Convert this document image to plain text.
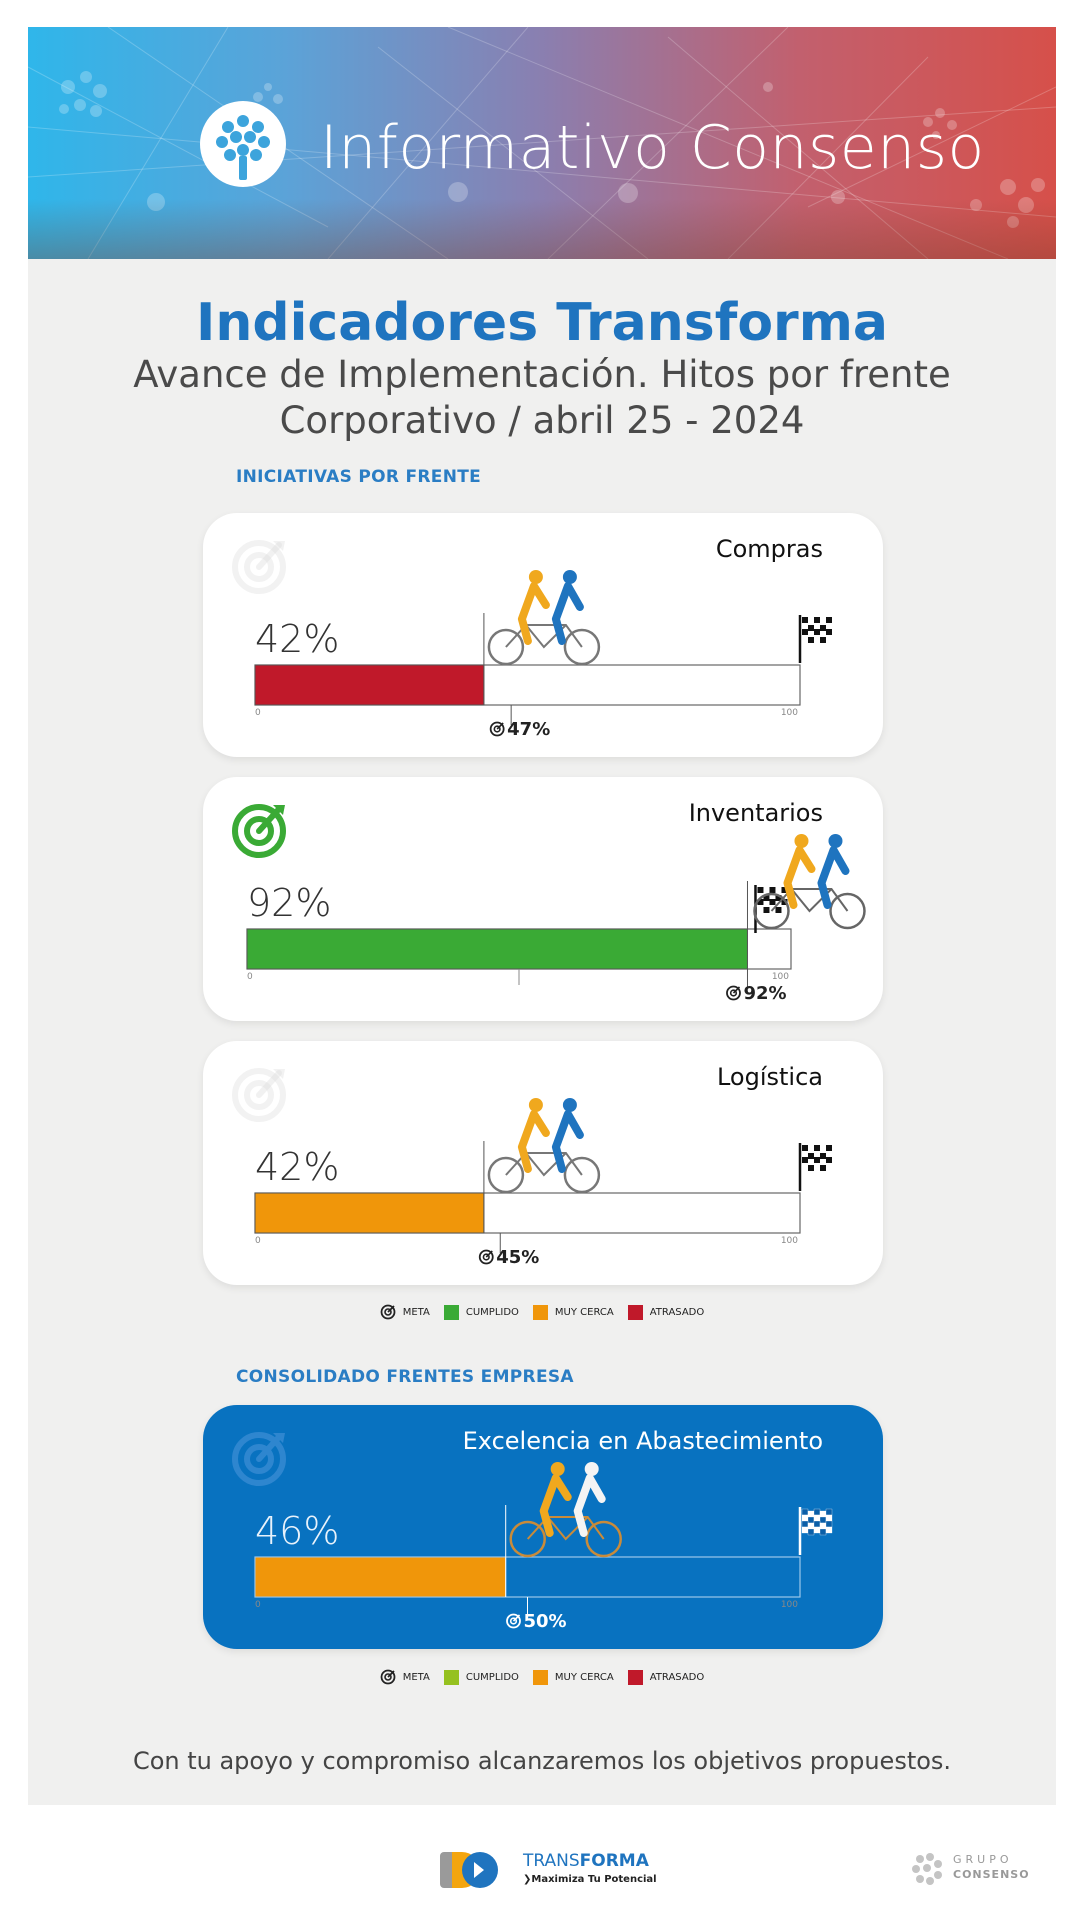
Informativo Consenso
Indicadores Transforma
Avance de Implementación. Hitos por frente
Corporativo / abril 25 - 2024
INICIATIVAS POR FRENTE
Compras
42%
0	100
47%
Inventarios
92%
0	100
92%
Logística
42%
0	100
45%
META	CUMPLIDO	MUY CERCA	ATRASADO
CONSOLIDADO FRENTES EMPRESA
Excelencia en Abastecimiento
46%
0	100
50%
META	CUMPLIDO	MUY CERCA	ATRASADO
Con tu apoyo y compromiso alcanzaremos los objetivos propuestos.
TRANSFORMA
❯Maximiza Tu Potencial
GRUPO
CONSENSO
